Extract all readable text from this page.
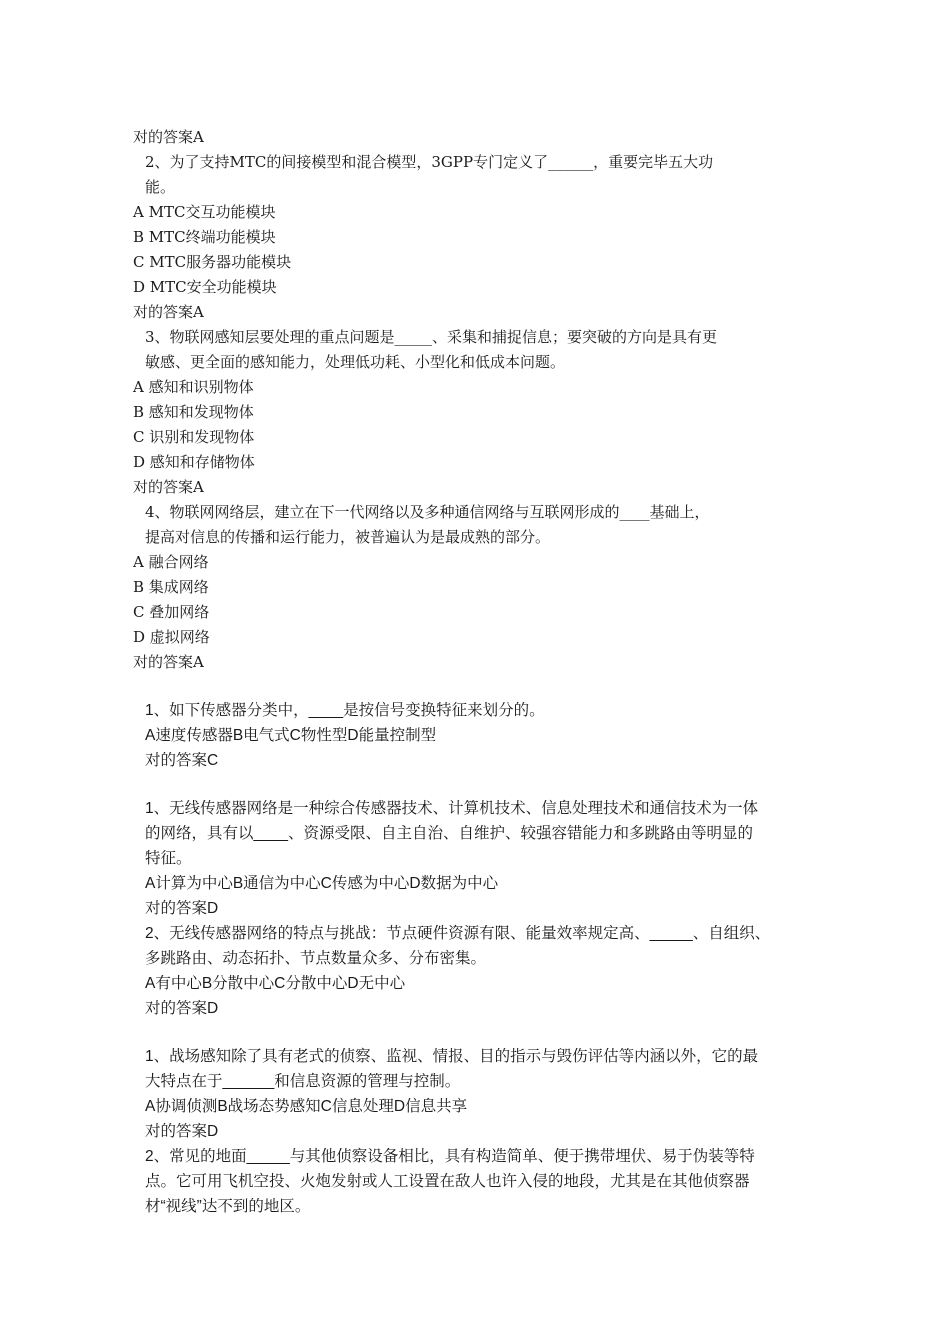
对的答案A
2、为了支持MTC的间接模型和混合模型，3GPP专门定义了______，重要完毕五大功
能。
A MTC交互功能模块
B MTC终端功能模块
C MTC服务器功能模块
D MTC安全功能模块
对的答案A
3、物联网感知层要处理的重点问题是_____、采集和捕捉信息；要突破的方向是具有更
敏感、更全面的感知能力，处理低功耗、小型化和低成本问题。
A 感知和识别物体
B 感知和发现物体
C 识别和发现物体
D 感知和存储物体
对的答案A
4、物联网网络层，建立在下一代网络以及多种通信网络与互联网形成的____基础上，
提高对信息的传播和运行能力，被普遍认为是最成熟的部分。
A 融合网络
B 集成网络
C 叠加网络
D 虚拟网络
对的答案A
1、如下传感器分类中，____是按信号变换特征来划分的。
A速度传感器B电气式C物性型D能量控制型
对的答案C
1、无线传感器网络是一种综合传感器技术、计算机技术、信息处理技术和通信技术为一体
的网络，具有以____、资源受限、自主自治、自维护、较强容错能力和多跳路由等明显的
特征。
A计算为中心B通信为中心C传感为中心D数据为中心
对的答案D
2、无线传感器网络的特点与挑战：节点硬件资源有限、能量效率规定高、_____、自组织、
多跳路由、动态拓扑、节点数量众多、分布密集。
A有中心B分散中心C分散中心D无中心
对的答案D
1、战场感知除了具有老式的侦察、监视、情报、目的指示与毁伤评估等内涵以外，它的最
大特点在于______和信息资源的管理与控制。
A协调侦测B战场态势感知C信息处理D信息共享
对的答案D
2、常见的地面_____与其他侦察设备相比，具有构造简单、便于携带埋伏、易于伪装等特
点。它可用飞机空投、火炮发射或人工设置在敌人也许入侵的地段，尤其是在其他侦察器
材“视线”达不到的地区。
